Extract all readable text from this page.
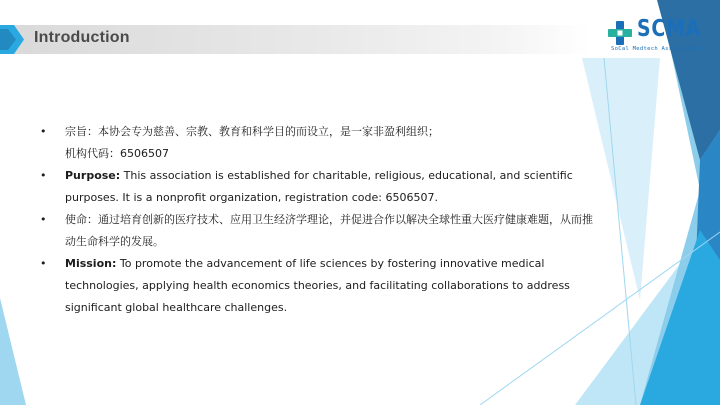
Introduction	SCMA
SoCal Medtech Association
• 宗旨：本协会专为慈善、宗教、教育和科学目的而设立，是一家非盈利组织；
机构代码：6506507
• Purpose: This association is established for charitable, religious, educational, and scientific purposes. It is a nonprofit organization, registration code: 6506507.
• 使命：通过培育创新的医疗技术、应用卫生经济学理论，并促进合作以解决全球性重大医疗健康难题，从而推动生命科学的发展。
• Mission: To promote the advancement of life sciences by fostering innovative medical technologies, applying health economics theories, and facilitating collaborations to address significant global healthcare challenges.
